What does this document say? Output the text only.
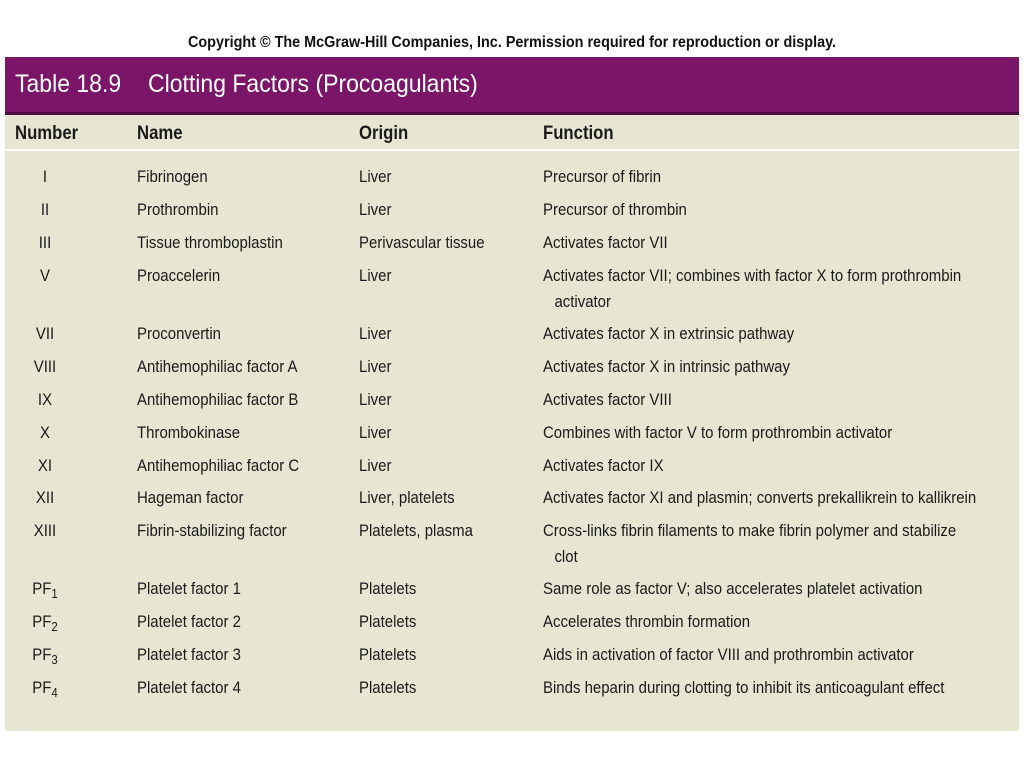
Copyright © The McGraw-Hill Companies, Inc. Permission required for reproduction or display.
Table 18.9 Clotting Factors (Procoagulants)
Number	Name	Origin	Function
I	Fibrinogen	Liver	Precursor of fibrin
II	Prothrombin	Liver	Precursor of thrombin
III	Tissue thromboplastin	Perivascular tissue	Activates factor VII
V	Proaccelerin	Liver	Activates factor VII; combines with factor X to form prothrombin
activator
VII	Proconvertin	Liver	Activates factor X in extrinsic pathway
VIII	Antihemophiliac factor A	Liver	Activates factor X in intrinsic pathway
IX	Antihemophiliac factor B	Liver	Activates factor VIII
X	Thrombokinase	Liver	Combines with factor V to form prothrombin activator
XI	Antihemophiliac factor C	Liver	Activates factor IX
XII	Hageman factor	Liver, platelets	Activates factor XI and plasmin; converts prekallikrein to kallikrein
XIII	Fibrin-stabilizing factor	Platelets, plasma	Cross-links fibrin filaments to make fibrin polymer and stabilize
clot
$PF_1$	Platelet factor 1	Platelets	Same role as factor V; also accelerates platelet activation
$PF_2$	Platelet factor 2	Platelets	Accelerates thrombin formation
$PF_3$	Platelet factor 3	Platelets	Aids in activation of factor VIII and prothrombin activator
$PF_4$	Platelet factor 4	Platelets	Binds heparin during clotting to inhibit its anticoagulant effect
